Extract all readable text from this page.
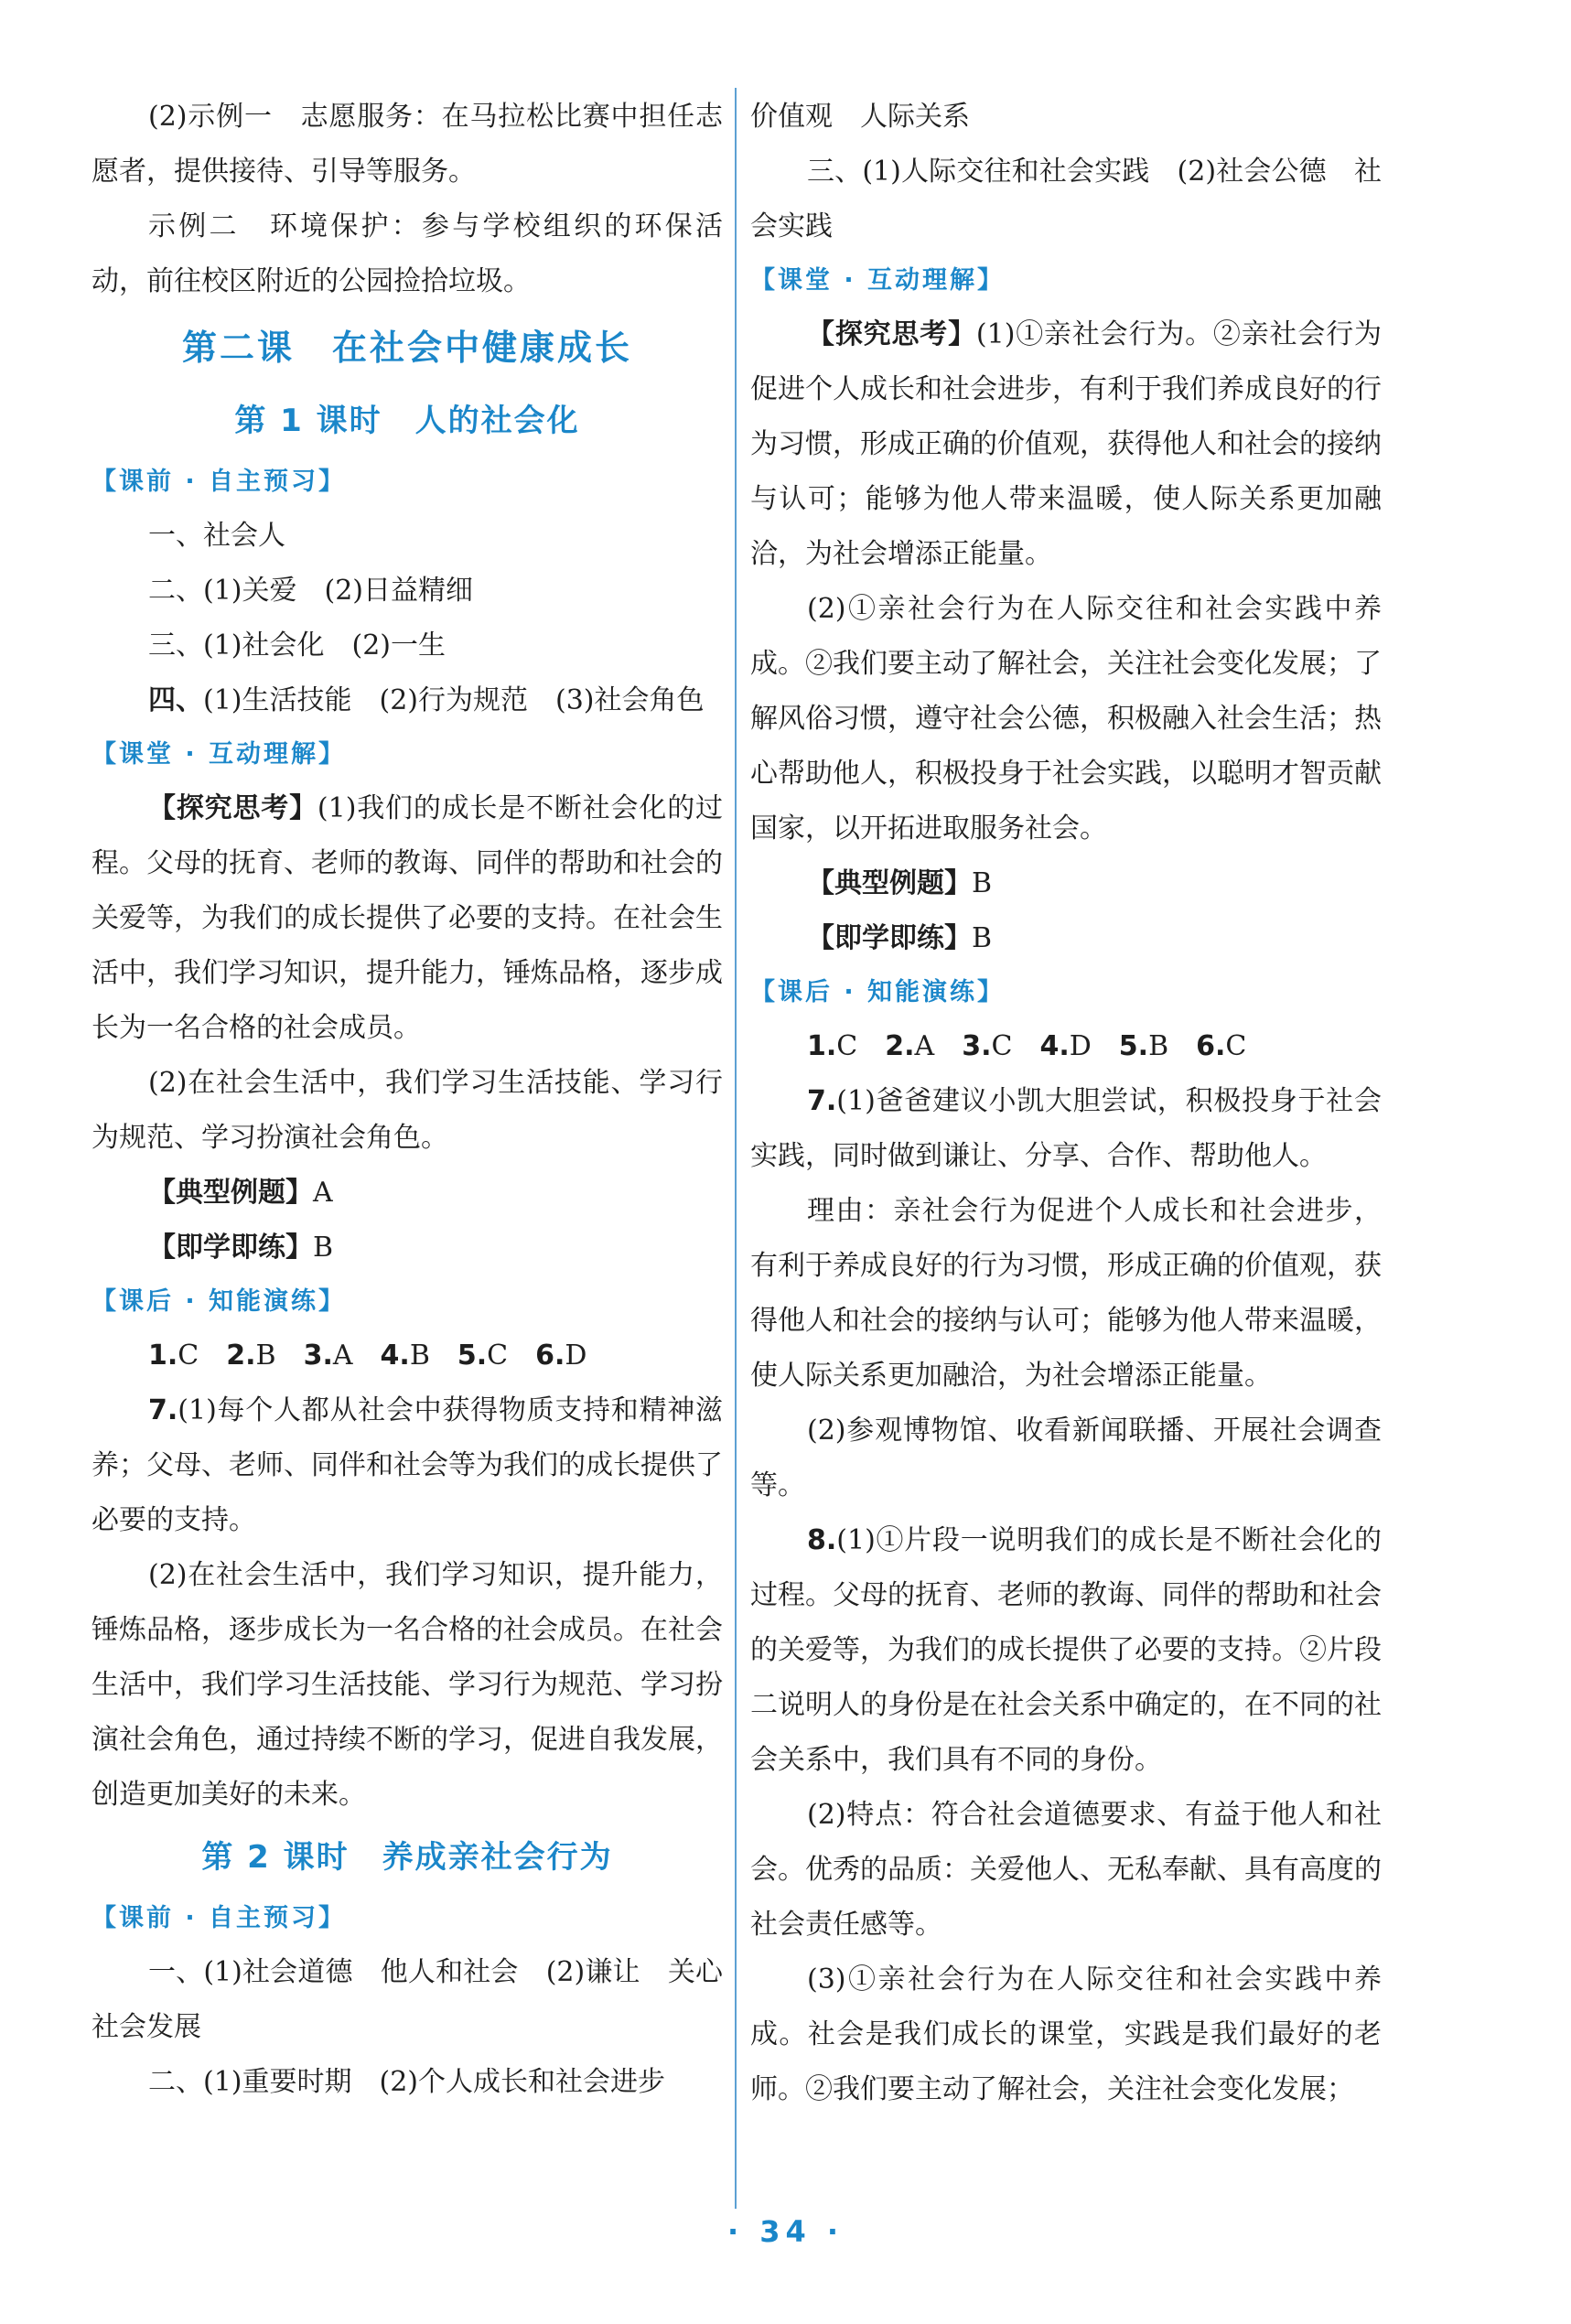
(2)示例一　志愿服务：在马拉松比赛中担任志愿者，提供接待、引导等服务。

示例二　环境保护：参与学校组织的环保活动，前往校区附近的公园捡拾垃圾。

第二课　在社会中健康成长
第 1 课时　人的社会化
【课前 · 自主预习】

一、社会人

二、(1)关爱　(2)日益精细

三、(1)社会化　(2)一生

四、(1)生活技能　(2)行为规范　(3)社会角色

【课堂 · 互动理解】

【探究思考】(1)我们的成长是不断社会化的过程。父母的抚育、老师的教诲、同伴的帮助和社会的关爱等，为我们的成长提供了必要的支持。在社会生活中，我们学习知识，提升能力，锤炼品格，逐步成长为一名合格的社会成员。

(2)在社会生活中，我们学习生活技能、学习行为规范、学习扮演社会角色。

【典型例题】A

【即学即练】B

【课后 · 知能演练】

1.C   2.B   3.A   4.B   5.C   6.D

7.(1)每个人都从社会中获得物质支持和精神滋养；父母、老师、同伴和社会等为我们的成长提供了必要的支持。

(2)在社会生活中，我们学习知识，提升能力，锤炼品格，逐步成长为一名合格的社会成员。在社会生活中，我们学习生活技能、学习行为规范、学习扮演社会角色，通过持续不断的学习，促进自我发展，创造更加美好的未来。

第 2 课时　养成亲社会行为
【课前 · 自主预习】

一、(1)社会道德　他人和社会　(2)谦让　关心社会发展

二、(1)重要时期　(2)个人成长和社会进步

价值观　人际关系

三、(1)人际交往和社会实践　(2)社会公德　社会实践

【课堂 · 互动理解】

【探究思考】(1)①亲社会行为。②亲社会行为促进个人成长和社会进步，有利于我们养成良好的行为习惯，形成正确的价值观，获得他人和社会的接纳与认可；能够为他人带来温暖，使人际关系更加融洽，为社会增添正能量。

(2)①亲社会行为在人际交往和社会实践中养成。②我们要主动了解社会，关注社会变化发展；了解风俗习惯，遵守社会公德，积极融入社会生活；热心帮助他人，积极投身于社会实践，以聪明才智贡献国家，以开拓进取服务社会。

【典型例题】B

【即学即练】B

【课后 · 知能演练】

1.C   2.A   3.C   4.D   5.B   6.C

7.(1)爸爸建议小凯大胆尝试，积极投身于社会实践，同时做到谦让、分享、合作、帮助他人。

理由：亲社会行为促进个人成长和社会进步，有利于养成良好的行为习惯，形成正确的价值观，获得他人和社会的接纳与认可；能够为他人带来温暖，使人际关系更加融洽，为社会增添正能量。

(2)参观博物馆、收看新闻联播、开展社会调查等。

8.(1)①片段一说明我们的成长是不断社会化的过程。父母的抚育、老师的教诲、同伴的帮助和社会的关爱等，为我们的成长提供了必要的支持。②片段二说明人的身份是在社会关系中确定的，在不同的社会关系中，我们具有不同的身份。

(2)特点：符合社会道德要求、有益于他人和社会。优秀的品质：关爱他人、无私奉献、具有高度的社会责任感等。

(3)①亲社会行为在人际交往和社会实践中养成。社会是我们成长的课堂，实践是我们最好的老师。②我们要主动了解社会，关注社会变化发展；

· 34 ·
